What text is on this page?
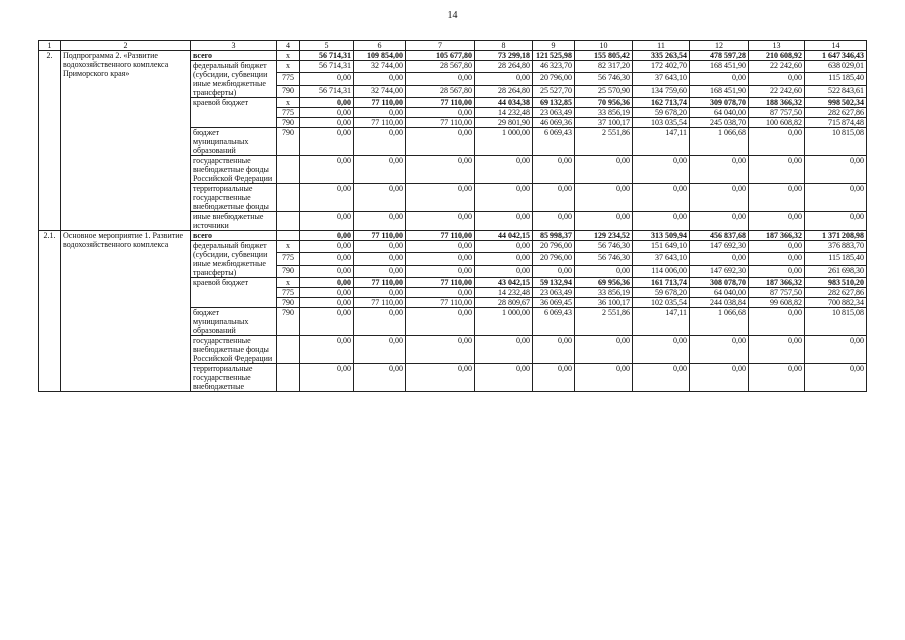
14
1	2	3	4	5	6	7	8	9	10	11	12	13	14
2.	Подпрограмма 2. «Развитие водохозяйственного комплекса Приморского края»	всего	x	56 714,31	109 854,00	105 677,80	73 299,18	121 525,98	155 805,42	335 263,54	478 597,28	210 608,92	1 647 346,43
		федеральный бюджет (субсидии, субвенции иные межбюджетные трансферты)	x	56 714,31	32 744,00	28 567,80	28 264,80	46 323,70	82 317,20	172 402,70	168 451,90	22 242,60	638 029,01
			775	0,00	0,00	0,00	0,00	20 796,00	56 746,30	37 643,10	0,00	0,00	115 185,40
			790	56 714,31	32 744,00	28 567,80	28 264,80	25 527,70	25 570,90	134 759,60	168 451,90	22 242,60	522 843,61
		краевой бюджет	x	0,00	77 110,00	77 110,00	44 034,38	69 132,85	70 956,36	162 713,74	309 078,70	188 366,32	998 502,34
			775	0,00	0,00	0,00	14 232,48	23 063,49	33 856,19	59 678,20	64 040,00	87 757,50	282 627,86
			790	0,00	77 110,00	77 110,00	29 801,90	46 069,36	37 100,17	103 035,54	245 038,70	100 608,82	715 874,48
		бюджет муниципальных образований	790	0,00	0,00	0,00	1 000,00	6 069,43	2 551,86	147,11	1 066,68	0,00	10 815,08
		государственные внебюджетные фонды Российской Федерации		0,00	0,00	0,00	0,00	0,00	0,00	0,00	0,00	0,00	0,00
		территориальные государственные внебюджетные фонды		0,00	0,00	0,00	0,00	0,00	0,00	0,00	0,00	0,00	0,00
		иные внебюджетные источники		0,00	0,00	0,00	0,00	0,00	0,00	0,00	0,00	0,00	0,00
2.1.	Основное мероприятие 1. Развитие водохозяйственного комплекса	всего		0,00	77 110,00	77 110,00	44 042,15	85 998,37	129 234,52	313 509,94	456 837,68	187 366,32	1 371 208,98
		федеральный бюджет (субсидии, субвенции иные межбюджетные трансферты)	x	0,00	0,00	0,00	0,00	20 796,00	56 746,30	151 649,10	147 692,30	0,00	376 883,70
			775	0,00	0,00	0,00	0,00	20 796,00	56 746,30	37 643,10	0,00	0,00	115 185,40
			790	0,00	0,00	0,00	0,00	0,00	0,00	114 006,00	147 692,30	0,00	261 698,30
		краевой бюджет	x	0,00	77 110,00	77 110,00	43 042,15	59 132,94	69 956,36	161 713,74	308 078,70	187 366,32	983 510,20
			775	0,00	0,00	0,00	14 232,48	23 063,49	33 856,19	59 678,20	64 040,00	87 757,50	282 627,86
			790	0,00	77 110,00	77 110,00	28 809,67	36 069,45	36 100,17	102 035,54	244 038,84	99 608,82	700 882,34
		бюджет муниципальных образований	790	0,00	0,00	0,00	1 000,00	6 069,43	2 551,86	147,11	1 066,68	0,00	10 815,08
		государственные внебюджетные фонды Российской Федерации		0,00	0,00	0,00	0,00	0,00	0,00	0,00	0,00	0,00	0,00
		территориальные государственные внебюджетные		0,00	0,00	0,00	0,00	0,00	0,00	0,00	0,00	0,00	0,00
